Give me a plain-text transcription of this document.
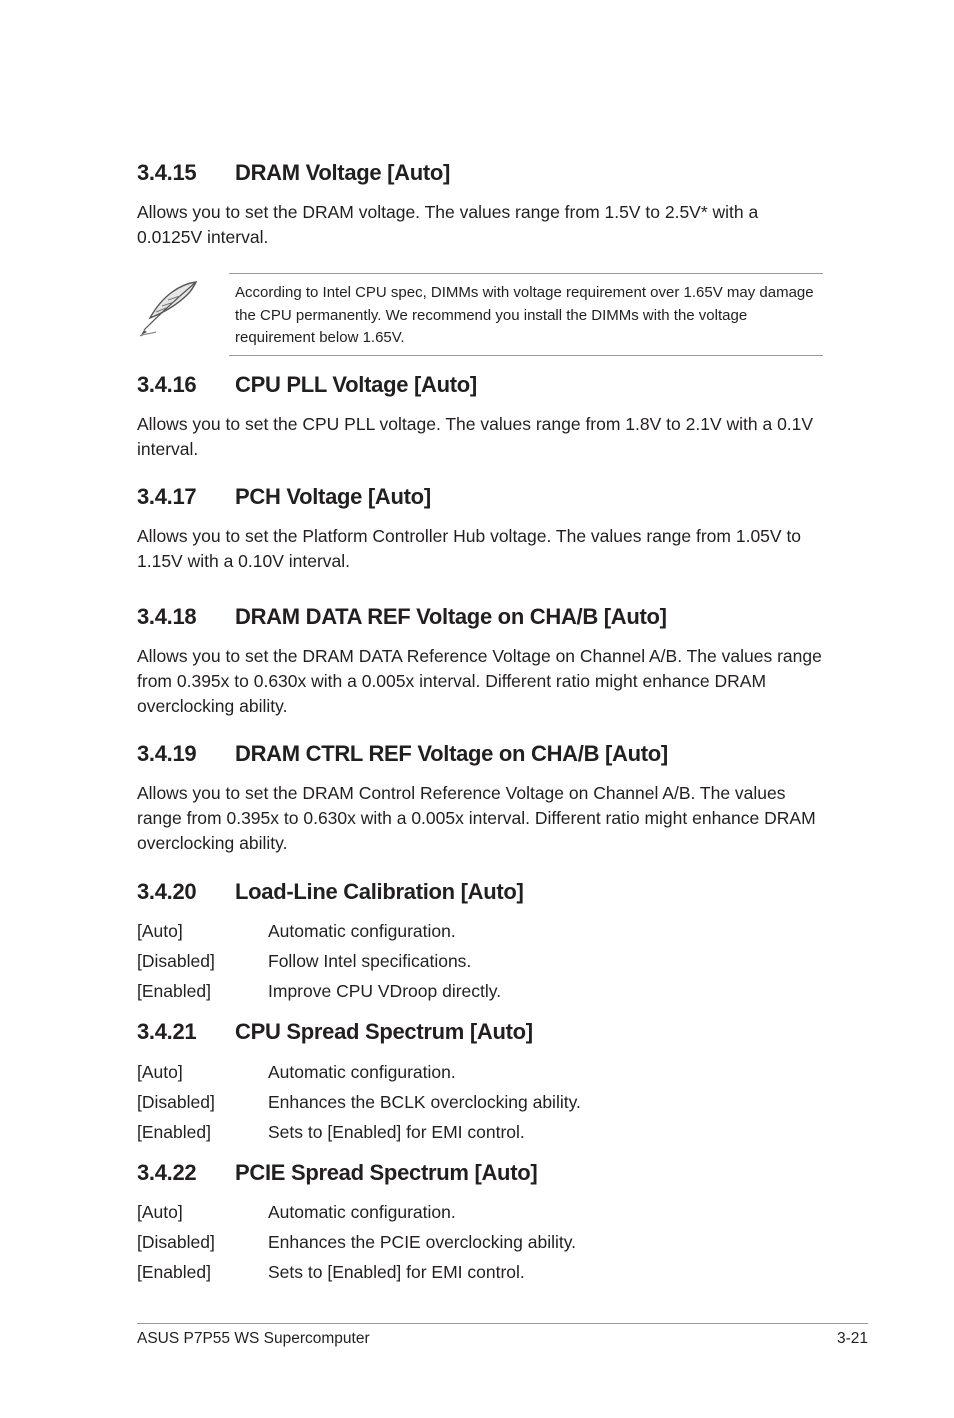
3.4.15 DRAM Voltage [Auto]
Allows you to set the DRAM voltage. The values range from 1.5V to 2.5V* with a 0.0125V interval.
According to Intel CPU spec, DIMMs with voltage requirement over 1.65V may damage the CPU permanently. We recommend you install the DIMMs with the voltage requirement below 1.65V.
3.4.16 CPU PLL Voltage [Auto]
Allows you to set the CPU PLL voltage. The values range from 1.8V to 2.1V with a 0.1V interval.
3.4.17 PCH Voltage [Auto]
Allows you to set the Platform Controller Hub voltage. The values range from 1.05V to 1.15V with a 0.10V interval.
3.4.18 DRAM DATA REF Voltage on CHA/B [Auto]
Allows you to set the DRAM DATA Reference Voltage on Channel A/B. The values range from 0.395x to 0.630x with a 0.005x interval. Different ratio might enhance DRAM overclocking ability.
3.4.19 DRAM CTRL REF Voltage on CHA/B [Auto]
Allows you to set the DRAM Control Reference Voltage on Channel A/B. The values range from 0.395x to 0.630x with a 0.005x interval. Different ratio might enhance DRAM overclocking ability.
3.4.20 Load-Line Calibration [Auto]
[Auto]	Automatic configuration.
[Disabled]	Follow Intel specifications.
[Enabled]	Improve CPU VDroop directly.
3.4.21 CPU Spread Spectrum [Auto]
[Auto]	Automatic configuration.
[Disabled]	Enhances the BCLK overclocking ability.
[Enabled]	Sets to [Enabled] for EMI control.
3.4.22 PCIE Spread Spectrum [Auto]
[Auto]	Automatic configuration.
[Disabled]	Enhances the PCIE overclocking ability.
[Enabled]	Sets to [Enabled] for EMI control.
ASUS P7P55 WS Supercomputer	3-21
